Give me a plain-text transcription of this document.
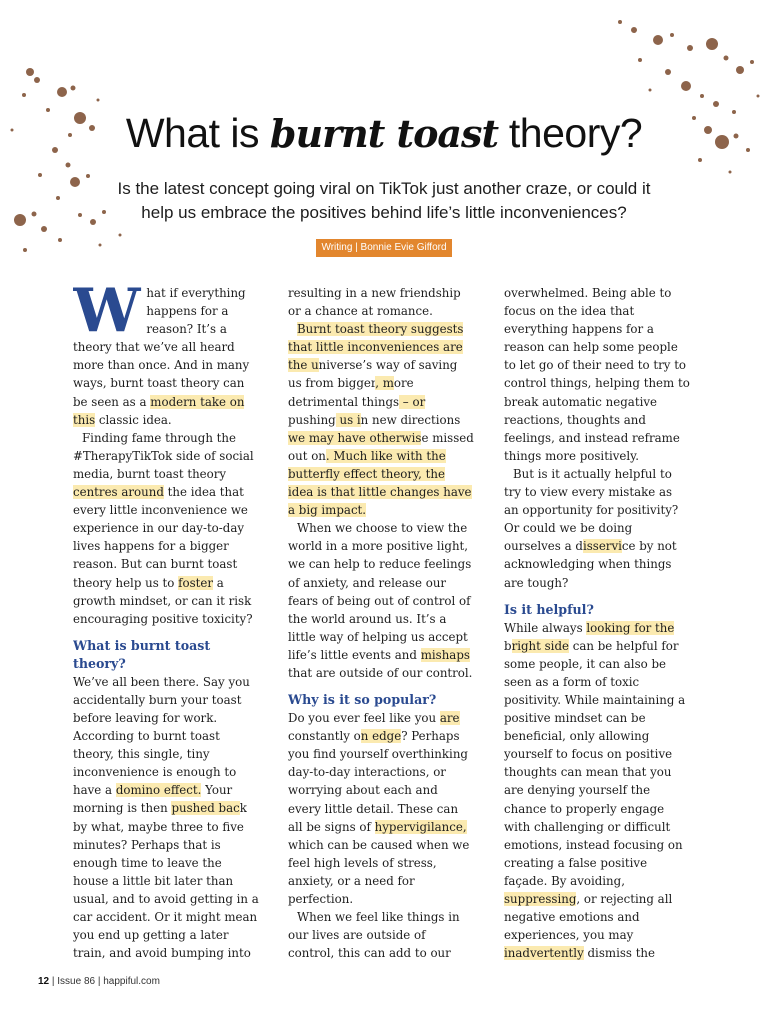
What is burnt toast theory?

Is the latest concept going viral on TikTok just another craze, or could it help us embrace the positives behind life’s little inconveniences?

Writing | Bonnie Evie Gifford
W hat if everything happens for a reason? It’s a theory that we’ve all heard more than once. And in many ways, burnt toast theory can be seen as a modern take on this classic idea.

Finding fame through the #TherapyTikTok side of social media, burnt toast theory centres around the idea that every little inconvenience we experience in our day-to-day lives happens for a bigger reason. But can burnt toast theory help us to foster a growth mindset, or can it risk encouraging positive toxicity?

What is burnt toast theory?

We’ve all been there. Say you accidentally burn your toast before leaving for work. According to burnt toast theory, this single, tiny inconvenience is enough to have a domino effect. Your morning is then pushed back by what, maybe three to five minutes? Perhaps that is enough time to leave the house a little bit later than usual, and to avoid getting in a car accident. Or it might mean you end up getting a later train, and avoid bumping into

resulting in a new friendship or a chance at romance.

Burnt toast theory suggests that little inconveniences are the universe’s way of saving us from bigger, more detrimental things – or pushing us in new directions we may have otherwise missed out on. Much like with the butterfly effect theory, the idea is that little changes have a big impact.

When we choose to view the world in a more positive light, we can help to reduce feelings of anxiety, and release our fears of being out of control of the world around us. It’s a little way of helping us accept life’s little events and mishaps that are outside of our control.

Why is it so popular?

Do you ever feel like you are constantly on edge? Perhaps you find yourself overthinking day-to-day interactions, or worrying about each and every little detail. These can all be signs of hypervigilance, which can be caused when we feel high levels of stress, anxiety, or a need for perfection.

When we feel like things in our lives are outside of control, this can add to our

overwhelmed. Being able to focus on the idea that everything happens for a reason can help some people to let go of their need to try to control things, helping them to break automatic negative reactions, thoughts and feelings, and instead reframe things more positively.

But is it actually helpful to try to view every mistake as an opportunity for positivity? Or could we be doing ourselves a disservice by not acknowledging when things are tough?

Is it helpful?

While always looking for the bright side can be helpful for some people, it can also be seen as a form of toxic positivity. While maintaining a positive mindset can be beneficial, only allowing yourself to focus on positive thoughts can mean that you are denying yourself the chance to properly engage with challenging or difficult emotions, instead focusing on creating a false positive façade. By avoiding, suppressing, or rejecting all negative emotions and experiences, you may inadvertently dismiss the

12 | Issue 86 | happiful.com
